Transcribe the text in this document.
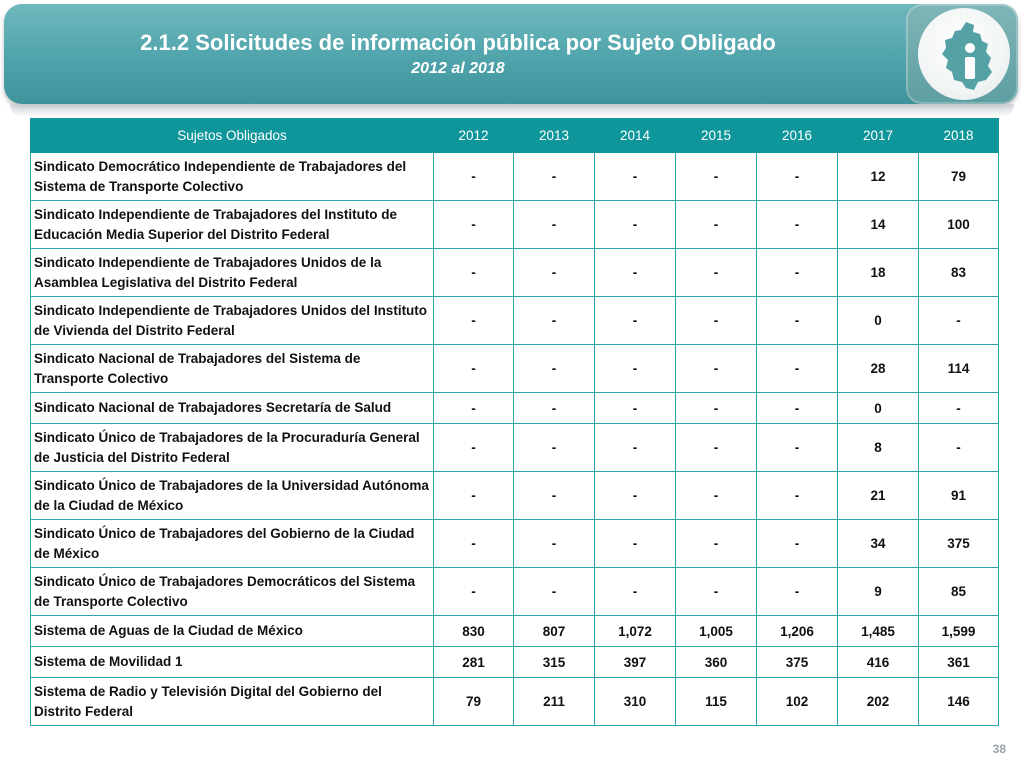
2.1.2 Solicitudes de información pública por Sujeto Obligado
2012 al 2018
Sujetos Obligados	2012	2013	2014	2015	2016	2017	2018
Sindicato Democrático Independiente de Trabajadores del Sistema de Transporte Colectivo	-	-	-	-	-	12	79
Sindicato Independiente de Trabajadores del Instituto de Educación Media Superior del Distrito Federal	-	-	-	-	-	14	100
Sindicato Independiente de Trabajadores Unidos de la Asamblea Legislativa del Distrito Federal	-	-	-	-	-	18	83
Sindicato Independiente de Trabajadores Unidos del Instituto de Vivienda del Distrito Federal	-	-	-	-	-	0	-
Sindicato Nacional de Trabajadores del Sistema de Transporte Colectivo	-	-	-	-	-	28	114
Sindicato Nacional de Trabajadores Secretaría de Salud	-	-	-	-	-	0	-
Sindicato Único de Trabajadores de la Procuraduría General de Justicia del Distrito Federal	-	-	-	-	-	8	-
Sindicato Único de Trabajadores de la Universidad Autónoma de la Ciudad de México	-	-	-	-	-	21	91
Sindicato Único de Trabajadores del Gobierno de la Ciudad de México	-	-	-	-	-	34	375
Sindicato Único de Trabajadores Democráticos del Sistema de Transporte Colectivo	-	-	-	-	-	9	85
Sistema de Aguas de la Ciudad de México	830	807	1,072	1,005	1,206	1,485	1,599
Sistema de Movilidad 1	281	315	397	360	375	416	361
Sistema de Radio y Televisión Digital del Gobierno del Distrito Federal	79	211	310	115	102	202	146
38
